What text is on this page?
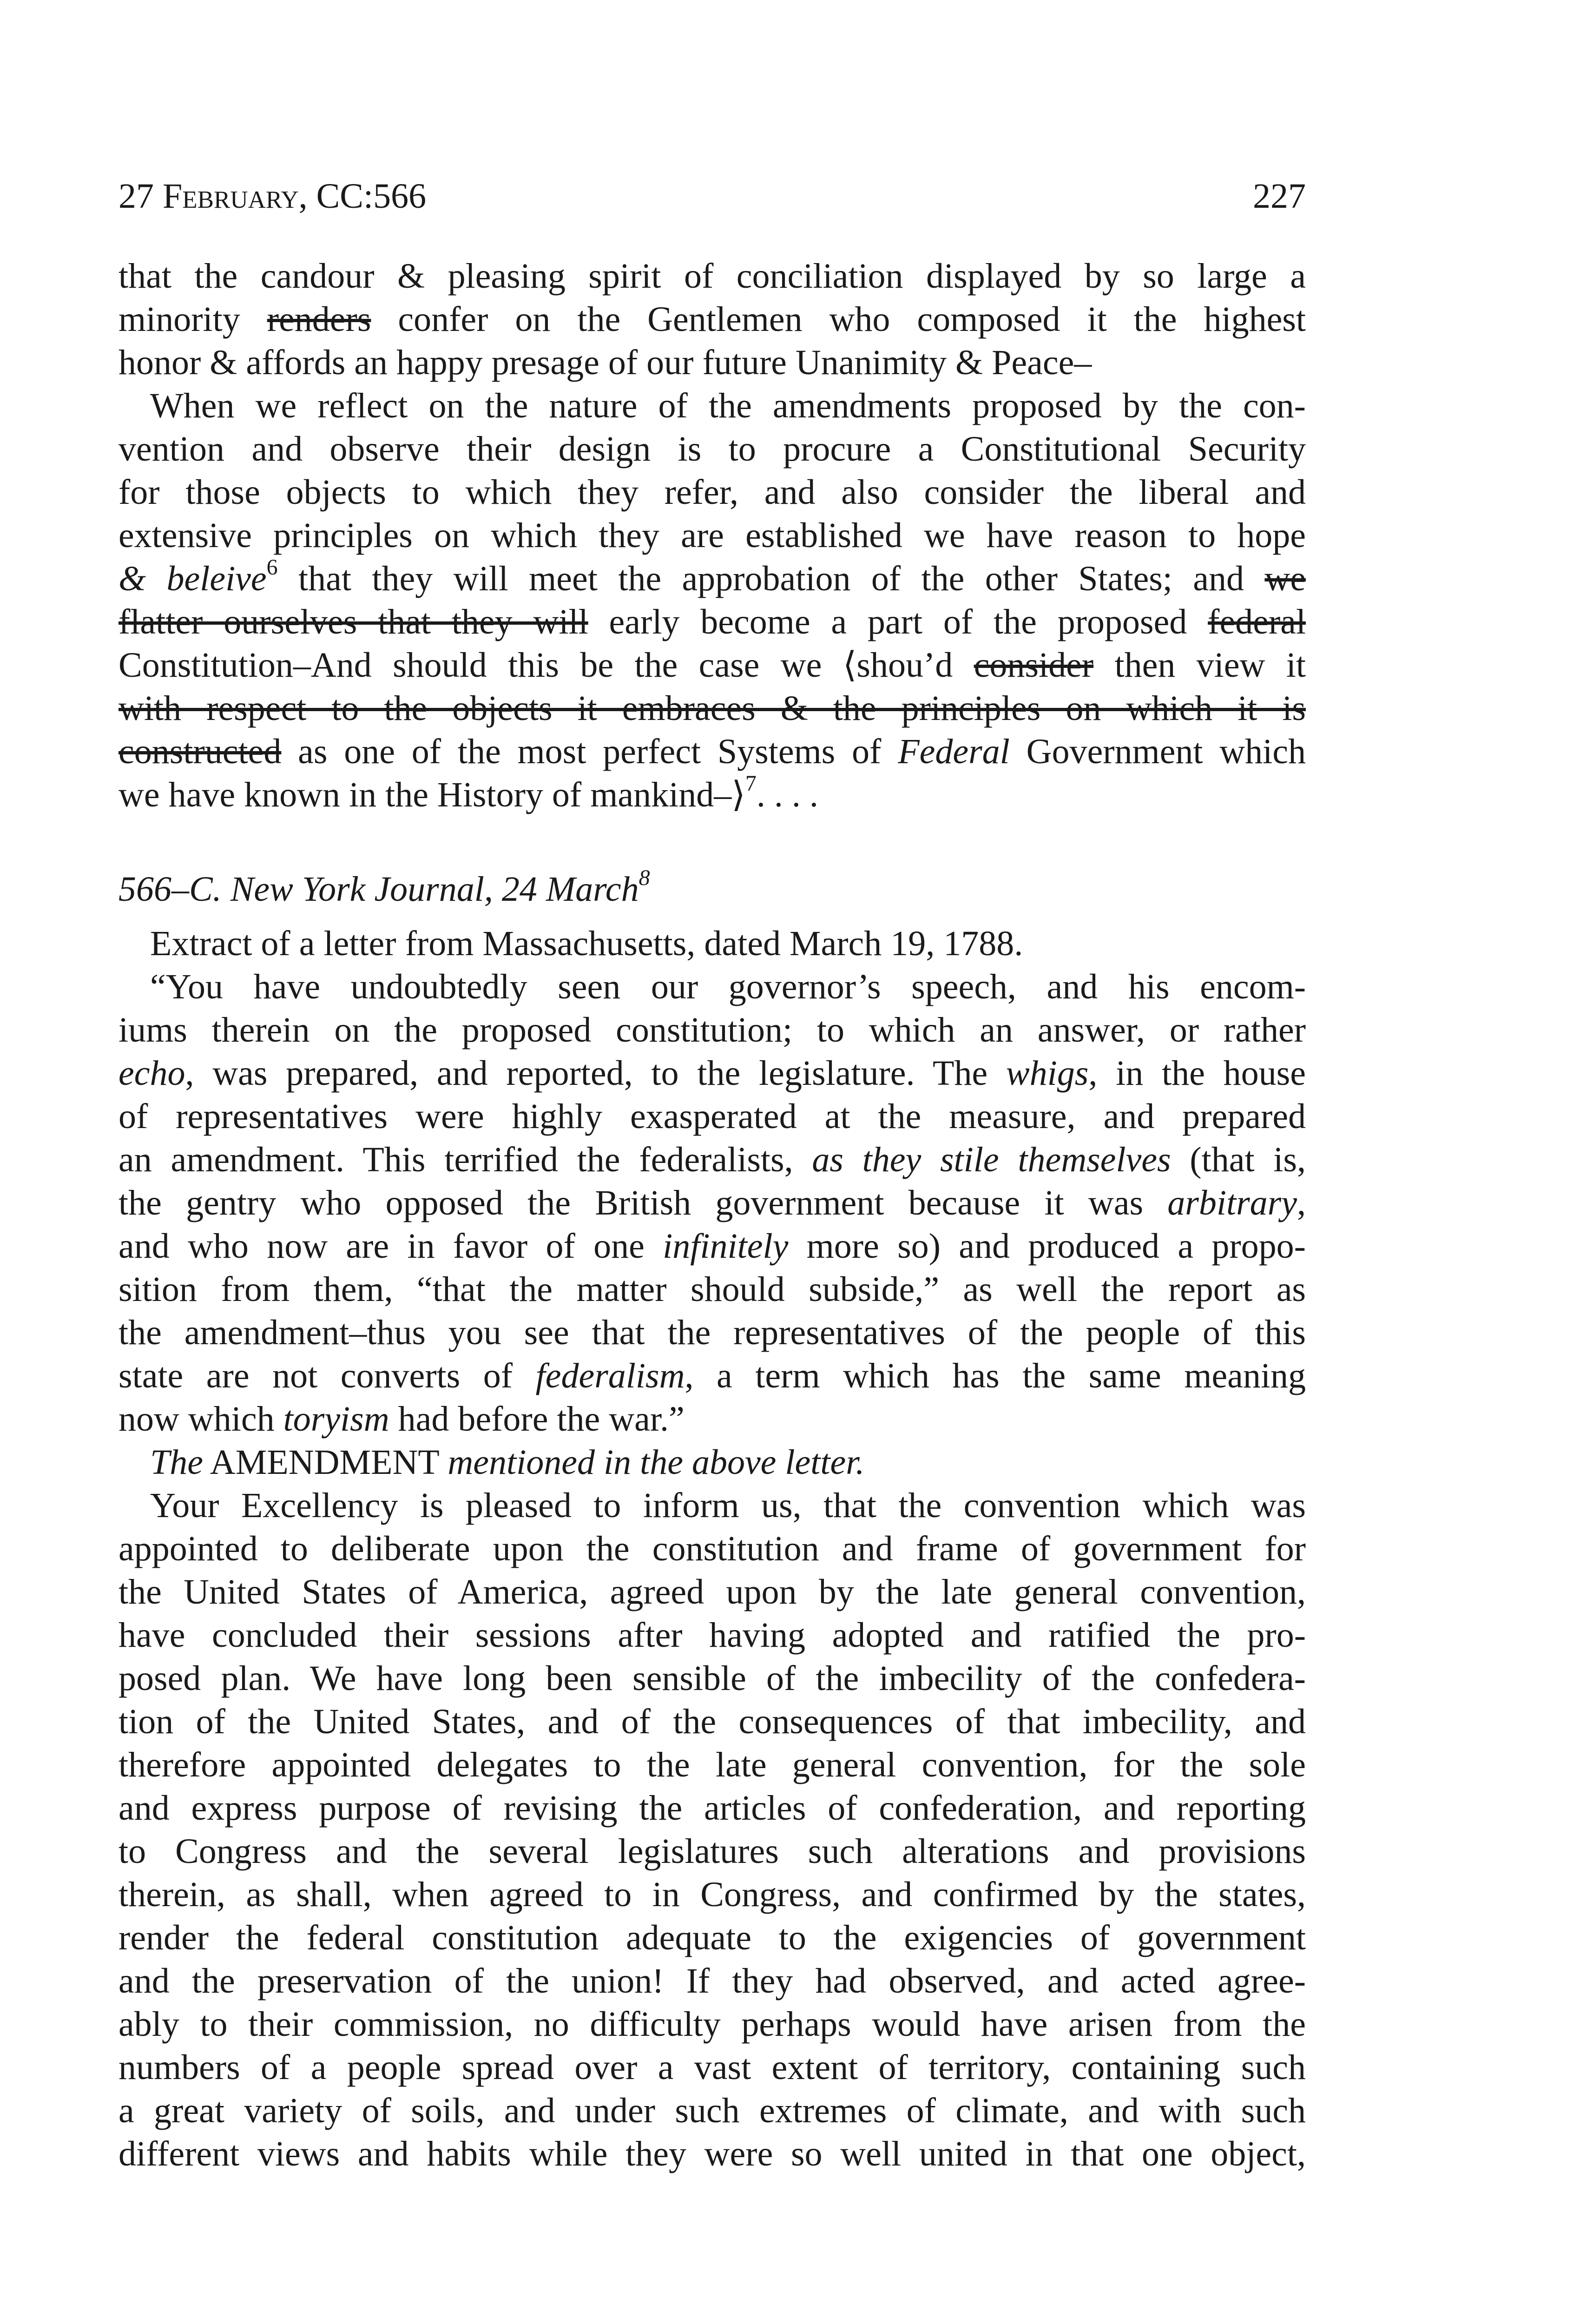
27 February, CC:566	227

that the candour & pleasing spirit of conciliation displayed by so large a
minority renders confer on the Gentlemen who composed it the highest
honor & affords an happy presage of our future Unanimity & Peace–

When we reflect on the nature of the amendments proposed by the con-
vention and observe their design is to procure a Constitutional Security
for those objects to which they refer, and also consider the liberal and
extensive principles on which they are established we have reason to hope
& beleive$^6$ that they will meet the approbation of the other States; and we
flatter ourselves that they will early become a part of the proposed federal
Constitution–And should this be the case we ⟨shou’d consider then view it
with respect to the objects it embraces & the principles on which it is
constructed as one of the most perfect Systems of Federal Government which
we have known in the History of mankind–⟩$^7$. . . .

566–C. New York Journal, 24 March$^8$

Extract of a letter from Massachusetts, dated March 19, 1788.

“You have undoubtedly seen our governor’s speech, and his encom-
iums therein on the proposed constitution; to which an answer, or rather
echo, was prepared, and reported, to the legislature. The whigs, in the house
of representatives were highly exasperated at the measure, and prepared
an amendment. This terrified the federalists, as they stile themselves (that is,
the gentry who opposed the British government because it was arbitrary,
and who now are in favor of one infinitely more so) and produced a propo-
sition from them, “that the matter should subside,” as well the report as
the amendment–thus you see that the representatives of the people of this
state are not converts of federalism, a term which has the same meaning
now which toryism had before the war.”

The AMENDMENT mentioned in the above letter.

Your Excellency is pleased to inform us, that the convention which was
appointed to deliberate upon the constitution and frame of government for
the United States of America, agreed upon by the late general convention,
have concluded their sessions after having adopted and ratified the pro-
posed plan. We have long been sensible of the imbecility of the confedera-
tion of the United States, and of the consequences of that imbecility, and
therefore appointed delegates to the late general convention, for the sole
and express purpose of revising the articles of confederation, and reporting
to Congress and the several legislatures such alterations and provisions
therein, as shall, when agreed to in Congress, and confirmed by the states,
render the federal constitution adequate to the exigencies of government
and the preservation of the union! If they had observed, and acted agree-
ably to their commission, no difficulty perhaps would have arisen from the
numbers of a people spread over a vast extent of territory, containing such
a great variety of soils, and under such extremes of climate, and with such
different views and habits while they were so well united in that one object,
